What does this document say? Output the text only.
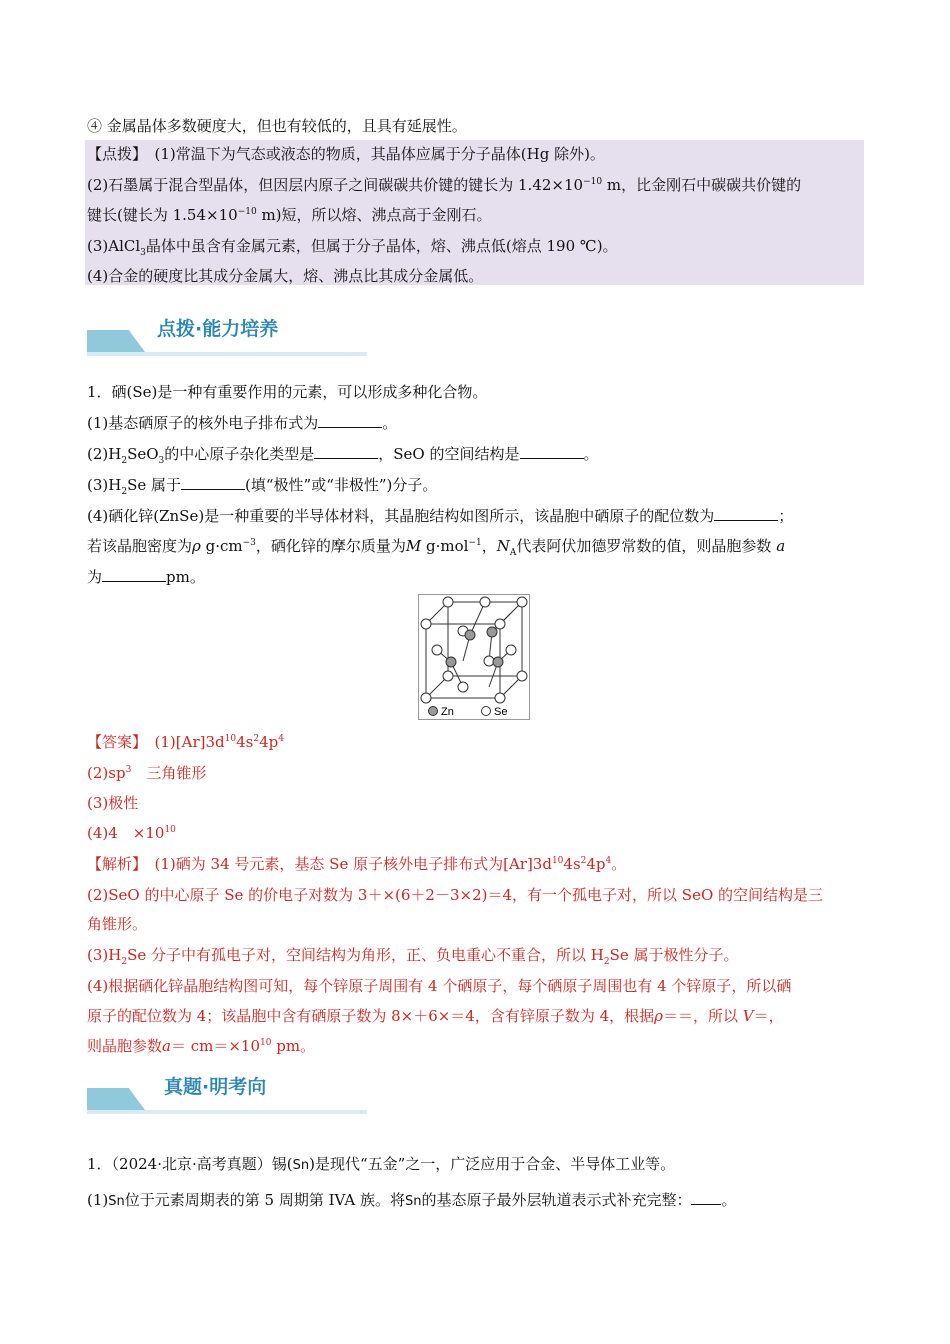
④ 金属晶体多数硬度大，但也有较低的，且具有延展性。
【点拨】　 (1)常温下为气态或液态的物质，其晶体应属于分子晶体(Hg 除外)。
(2)石墨属于混合型晶体，但因层内原子之间碳碳共价键的键长为 $1.42\times 10^{-10}$ m，比金刚石中碳碳共价键的
键长(键长为 $1.54\times 10^{-10}$ m)短，所以熔、沸点高于金刚石。
(3)AlCl$_3$晶体中虽含有金属元素，但属于分子晶体，熔、沸点低(熔点 190 ℃)。
(4)合金的硬度比其成分金属大，熔、沸点比其成分金属低。
点拨·能力培养
1．硒(Se)是一种有重要作用的元素，可以形成多种化合物。
(1)基态硒原子的核外电子排布式为	。
$(2)H_2SeO_3$的中心原子杂化类型是	，SeO 的空间结构是	。
$(3)H_2Se$ 属于	(填“极性”或“非极性”)分子。
(4)硒化锌(ZnSe)是一种重要的半导体材料，其晶胞结构如图所示，该晶胞中硒原子的配位数为	；
若该晶胞密度为ρ $g\cdot cm^{-3}$，硒化锌的摩尔质量为M g·mol$^{-1}$，$N_A$代表阿伏加德罗常数的值，则晶胞参数 a
为	pm。
Zn	Se
【答案】　 $(1)[Ar]3d^{10}4s^24p^4$
$(2)sp^3$　 三角锥形
(3)极性
(4)4　$\times 10^{10}$
【解析】　 (1)硒为 34 号元素，基态 Se 原子核外电子排布式为$[Ar]3d^{10}4s^24p^4$。
(2)SeO 的中心原子 Se 的价电子对数为 3＋×(6＋2－3×2)＝4，有一个孤电子对，所以 SeO 的空间结构是三
角锥形。
$(3)H_2Se$ 分子中有孤电子对，空间结构为角形，正、负电重心不重合，所以 $H_2Se$ 属于极性分子。
(4)根据硒化锌晶胞结构图可知，每个锌原子周围有 4 个硒原子，每个硒原子周围也有 4 个锌原子，所以硒
原子的配位数为 4；该晶胞中含有硒原子数为 8×＋6×＝4，含有锌原子数为 4，根据ρ＝＝，所以 V＝，
则晶胞参数$a= cm=\times 10^{10}$ pm。
真题·明考向
1．（2024·北京·高考真题）锡(Sn)是现代“五金”之一，广泛应用于合金、半导体工业等。
(1)Sn位于元素周期表的第 5 周期第 IVA 族。将Sn的基态原子最外层轨道表示式补充完整： 。
